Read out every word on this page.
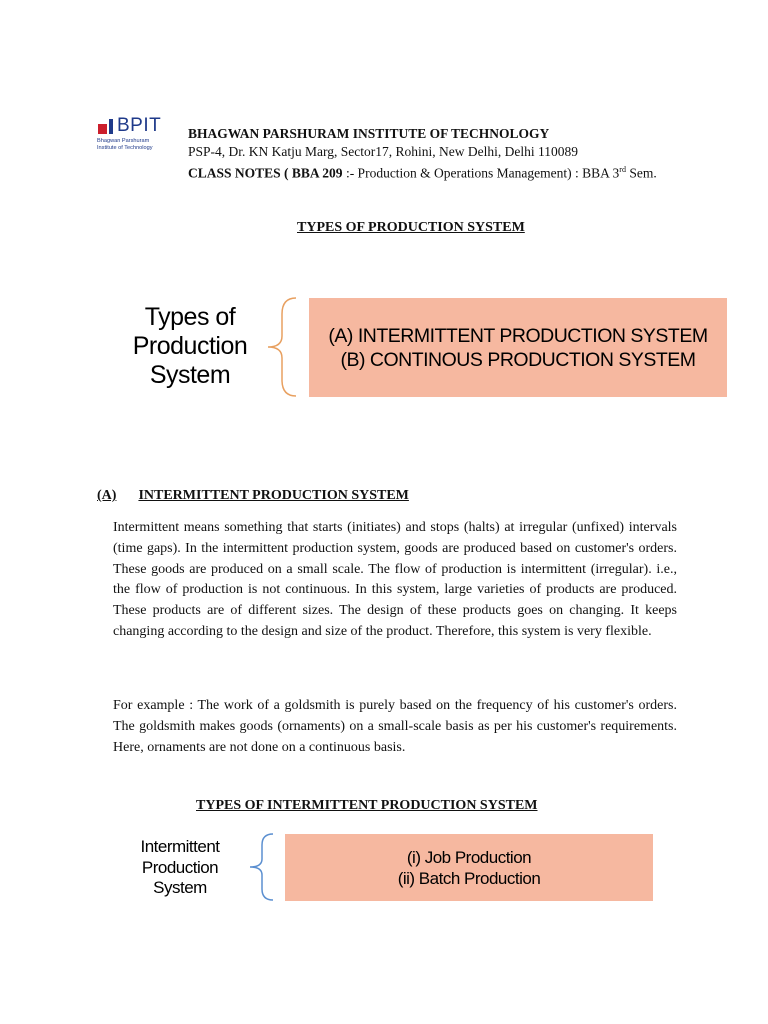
BPIT
Bhagwan Parshuram
Institute of Technology
BHAGWAN PARSHURAM INSTITUTE OF TECHNOLOGY
PSP-4, Dr. KN Katju Marg, Sector17, Rohini, New Delhi, Delhi 110089
CLASS NOTES ( BBA 209 :- Production & Operations Management) : BBA 3rd Sem.
TYPES OF PRODUCTION SYSTEM
Types of
Production
System
(A) INTERMITTENT PRODUCTION SYSTEM
(B) CONTINOUS PRODUCTION SYSTEM
(A) INTERMITTENT PRODUCTION SYSTEM

Intermittent means something that starts (initiates) and stops (halts) at irregular (unfixed) intervals (time gaps). In the intermittent production system, goods are produced based on customer's orders. These goods are produced on a small scale. The flow of production is intermittent (irregular). i.e., the flow of production is not continuous. In this system, large varieties of products are produced. These products are of different sizes. The design of these products goes on changing. It keeps changing according to the design and size of the product. Therefore, this system is very flexible.

For example : The work of a goldsmith is purely based on the frequency of his customer's orders. The goldsmith makes goods (ornaments) on a small-scale basis as per his customer's requirements. Here, ornaments are not done on a continuous basis.

TYPES OF INTERMITTENT PRODUCTION SYSTEM
Intermittent
Production
System
(i) Job Production
(ii) Batch Production
